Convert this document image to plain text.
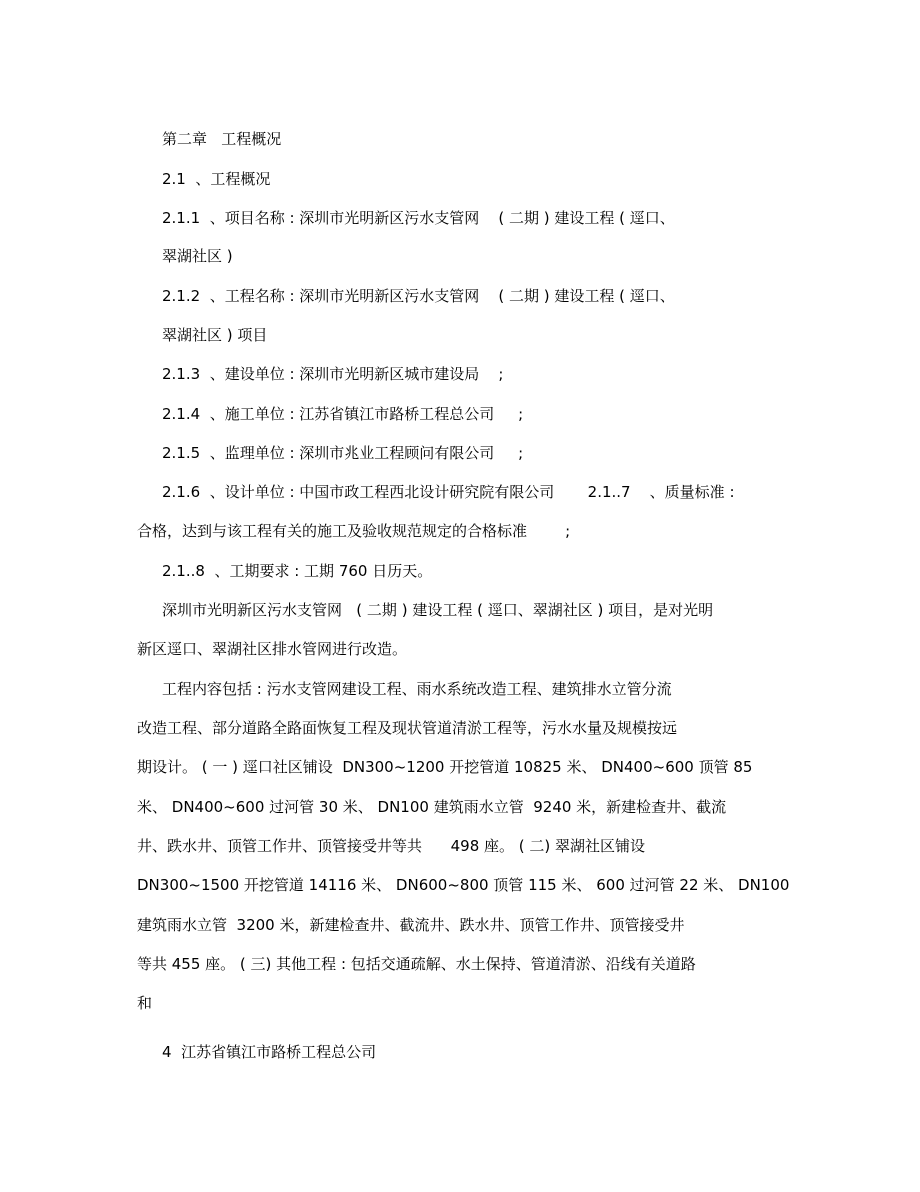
第二章   工程概况

2.1  、工程概况

2.1.1  、项目名称 : 深圳市光明新区污水支管网    ( 二期 ) 建设工程 ( 逕口、

翠湖社区 )

2.1.2  、工程名称 : 深圳市光明新区污水支管网    ( 二期 ) 建设工程 ( 逕口、

翠湖社区 ) 项目

2.1.3  、建设单位 : 深圳市光明新区城市建设局    ;

2.1.4  、施工单位 : 江苏省镇江市路桥工程总公司     ;

2.1.5  、监理单位 : 深圳市兆业工程顾问有限公司     ;

2.1.6  、设计单位 : 中国市政工程西北设计研究院有限公司       2.1..7    、质量标准 :

合格，达到与该工程有关的施工及验收规范规定的合格标准        ;

2.1..8  、工期要求 : 工期 760 日历天。

深圳市光明新区污水支管网   ( 二期 ) 建设工程 ( 逕口、翠湖社区 ) 项目，是对光明

新区逕口、翠湖社区排水管网进行改造。

工程内容包括 : 污水支管网建设工程、雨水系统改造工程、建筑排水立管分流

改造工程、部分道路全路面恢复工程及现状管道清淤工程等，污水水量及规模按远

期设计。 ( 一 ) 逕口社区铺设  DN300~1200 开挖管道 10825 米、 DN400~600 顶管 85

米、 DN400~600 过河管 30 米、 DN100 建筑雨水立管  9240 米，新建检查井、截流

井、跌水井、顶管工作井、顶管接受井等共      498 座。 ( 二) 翠湖社区铺设

DN300~1500 开挖管道 14116 米、 DN600~800 顶管 115 米、 600 过河管 22 米、 DN100

建筑雨水立管  3200 米，新建检查井、截流井、跌水井、顶管工作井、顶管接受井

等共 455 座。 ( 三) 其他工程 : 包括交通疏解、水土保持、管道清淤、沿线有关道路

和

4  江苏省镇江市路桥工程总公司
